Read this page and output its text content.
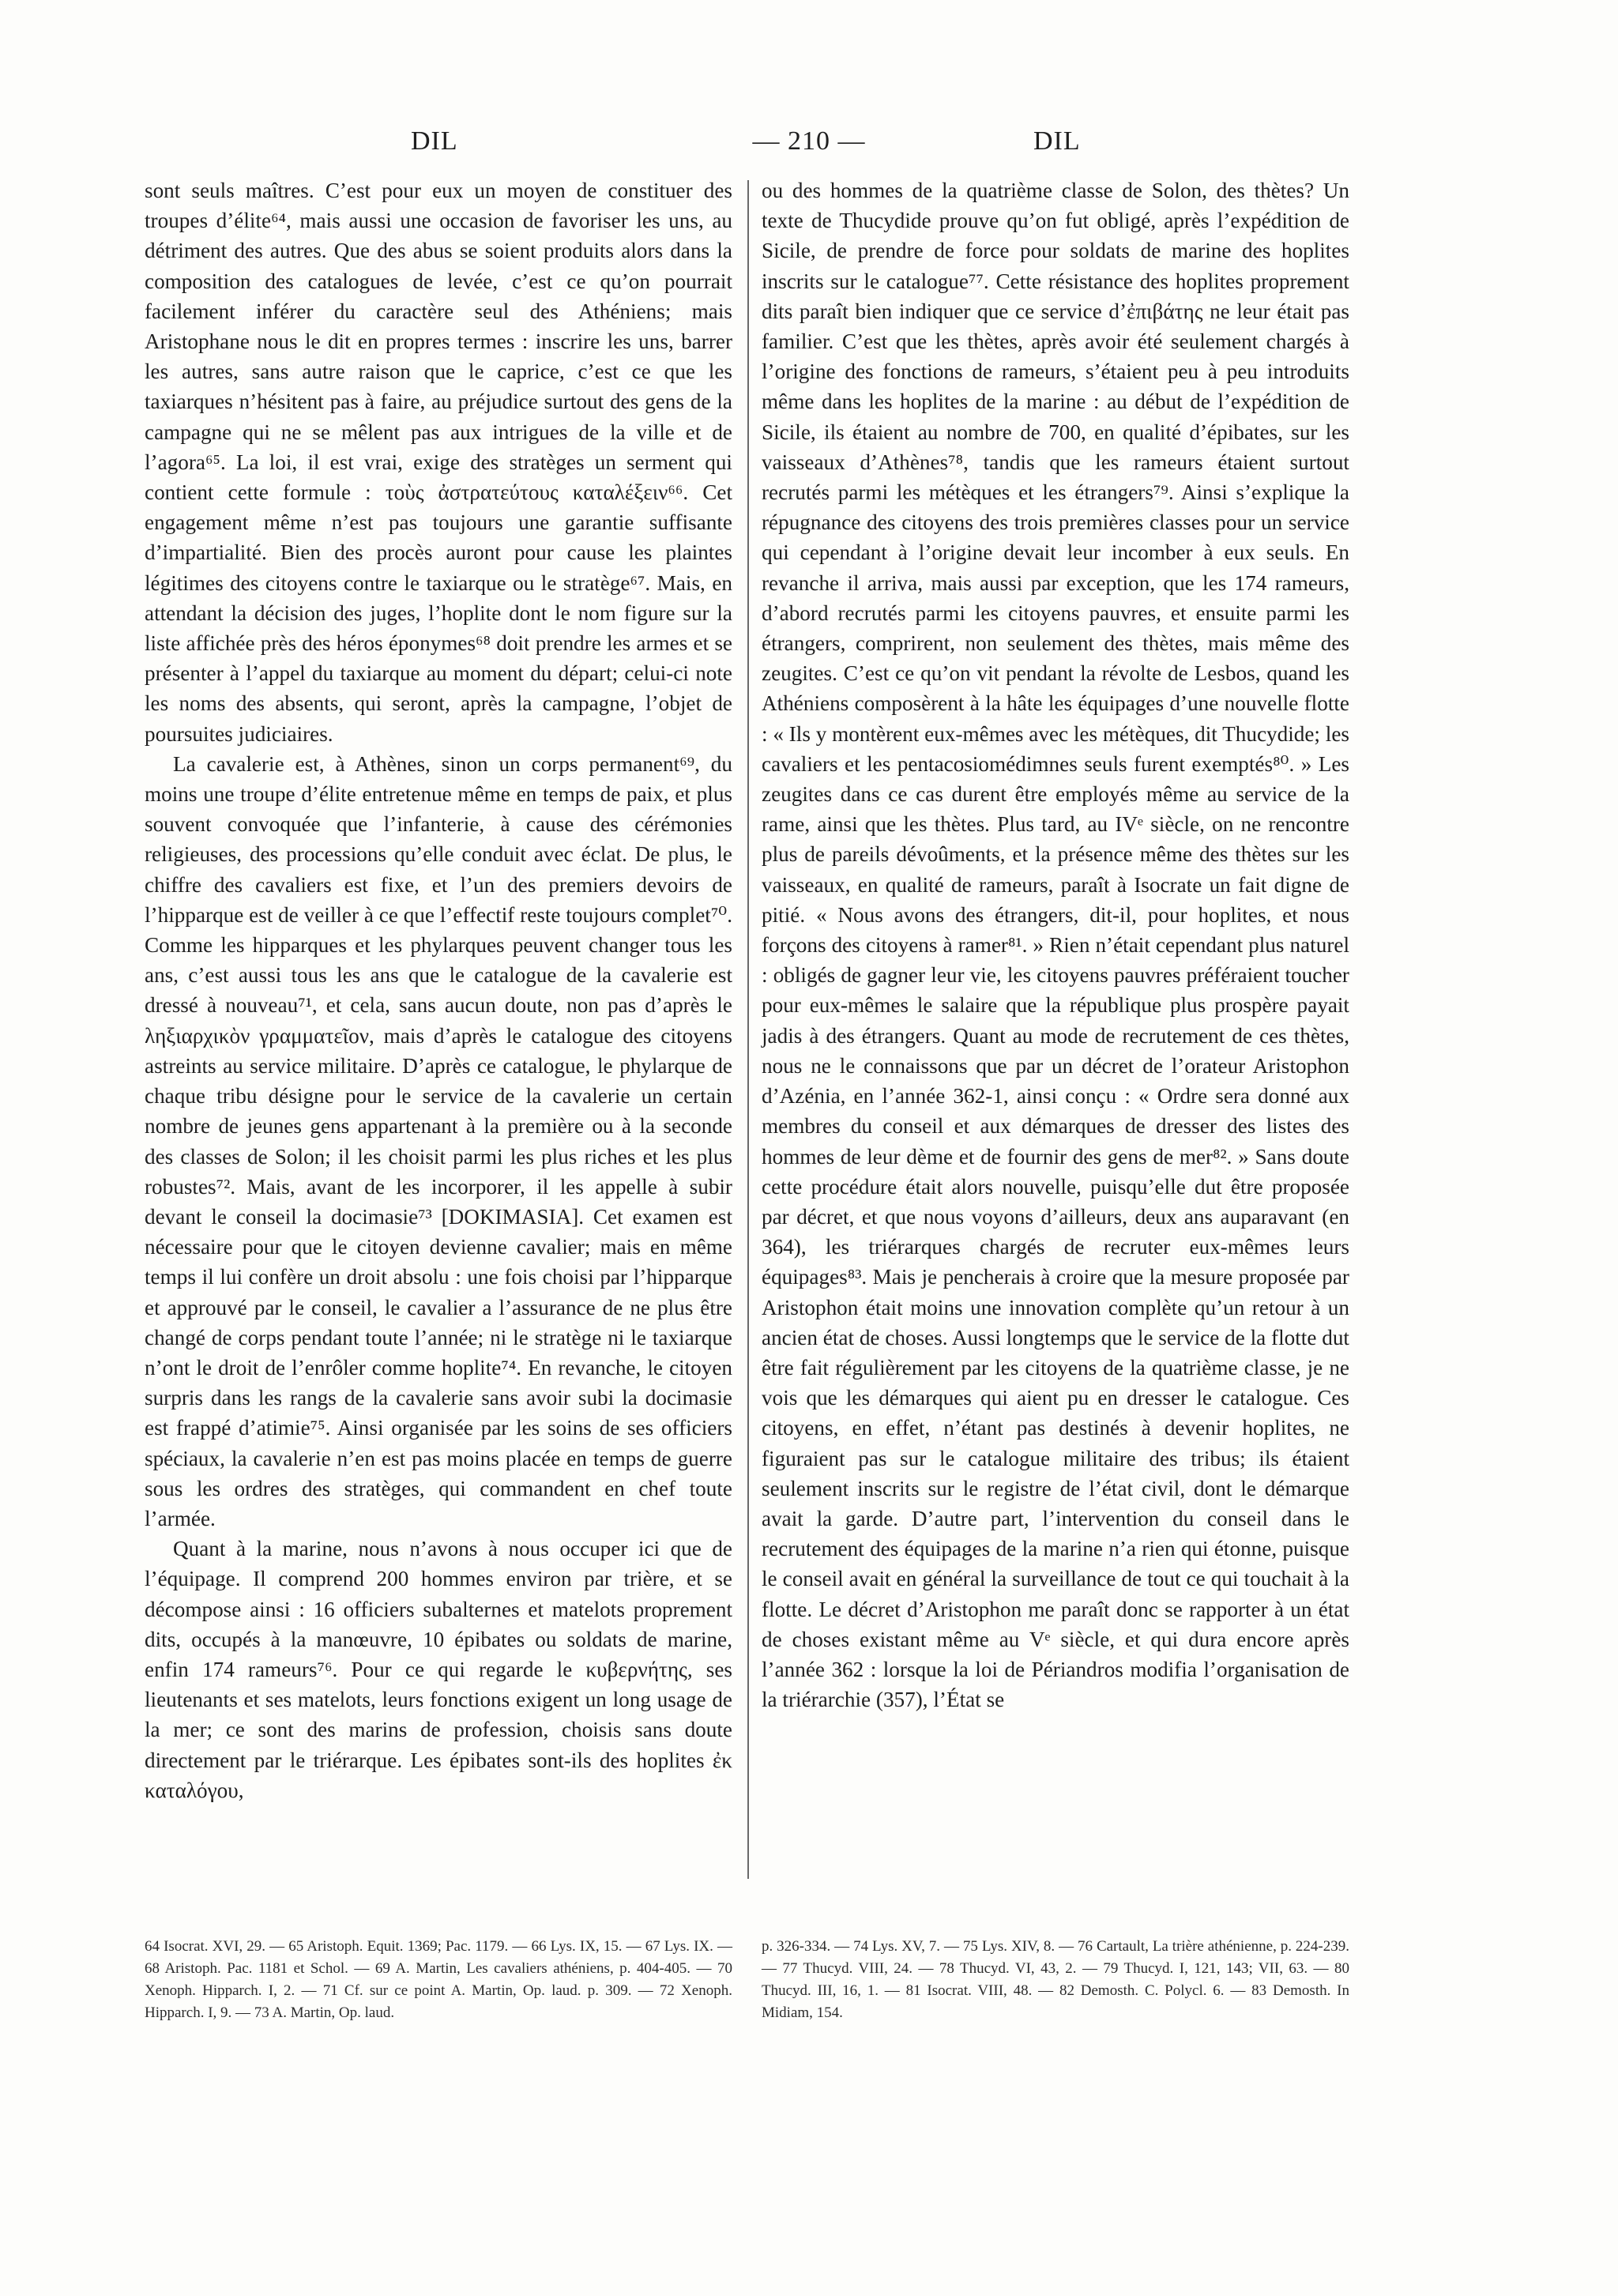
DIL	— 210 —	DIL

sont seuls maîtres. C’est pour eux un moyen de constituer des troupes d’élite⁶⁴, mais aussi une occasion de favoriser les uns, au détriment des autres. Que des abus se soient produits alors dans la composition des catalogues de levée, c’est ce qu’on pourrait facilement inférer du caractère seul des Athéniens; mais Aristophane nous le dit en propres termes : inscrire les uns, barrer les autres, sans autre raison que le caprice, c’est ce que les taxiarques n’hésitent pas à faire, au préjudice surtout des gens de la campagne qui ne se mêlent pas aux intrigues de la ville et de l’agora⁶⁵. La loi, il est vrai, exige des stratèges un serment qui contient cette formule : τοὺς ἀστρατεύτους καταλέξειν⁶⁶. Cet engagement même n’est pas toujours une garantie suffisante d’impartialité. Bien des procès auront pour cause les plaintes légitimes des citoyens contre le taxiarque ou le stratège⁶⁷. Mais, en attendant la décision des juges, l’hoplite dont le nom figure sur la liste affichée près des héros éponymes⁶⁸ doit prendre les armes et se présenter à l’appel du taxiarque au moment du départ; celui-ci note les noms des absents, qui seront, après la campagne, l’objet de poursuites judiciaires.

La cavalerie est, à Athènes, sinon un corps permanent⁶⁹, du moins une troupe d’élite entretenue même en temps de paix, et plus souvent convoquée que l’infanterie, à cause des cérémonies religieuses, des processions qu’elle conduit avec éclat. De plus, le chiffre des cavaliers est fixe, et l’un des premiers devoirs de l’hipparque est de veiller à ce que l’effectif reste toujours complet⁷⁰. Comme les hipparques et les phylarques peuvent changer tous les ans, c’est aussi tous les ans que le catalogue de la cavalerie est dressé à nouveau⁷¹, et cela, sans aucun doute, non pas d’après le ληξιαρχικὸν γραμματεῖον, mais d’après le catalogue des citoyens astreints au service militaire. D’après ce catalogue, le phylarque de chaque tribu désigne pour le service de la cavalerie un certain nombre de jeunes gens appartenant à la première ou à la seconde des classes de Solon; il les choisit parmi les plus riches et les plus robustes⁷². Mais, avant de les incorporer, il les appelle à subir devant le conseil la docimasie⁷³ [DOKIMASIA]. Cet examen est nécessaire pour que le citoyen devienne cavalier; mais en même temps il lui confère un droit absolu : une fois choisi par l’hipparque et approuvé par le conseil, le cavalier a l’assurance de ne plus être changé de corps pendant toute l’année; ni le stratège ni le taxiarque n’ont le droit de l’enrôler comme hoplite⁷⁴. En revanche, le citoyen surpris dans les rangs de la cavalerie sans avoir subi la docimasie est frappé d’atimie⁷⁵. Ainsi organisée par les soins de ses officiers spéciaux, la cavalerie n’en est pas moins placée en temps de guerre sous les ordres des stratèges, qui commandent en chef toute l’armée.

Quant à la marine, nous n’avons à nous occuper ici que de l’équipage. Il comprend 200 hommes environ par trière, et se décompose ainsi : 16 officiers subalternes et matelots proprement dits, occupés à la manœuvre, 10 épibates ou soldats de marine, enfin 174 rameurs⁷⁶. Pour ce qui regarde le κυβερνήτης, ses lieutenants et ses matelots, leurs fonctions exigent un long usage de la mer; ce sont des marins de profession, choisis sans doute directement par le triérarque. Les épibates sont-ils des hoplites ἐκ καταλόγου,

ou des hommes de la quatrième classe de Solon, des thètes? Un texte de Thucydide prouve qu’on fut obligé, après l’expédition de Sicile, de prendre de force pour soldats de marine des hoplites inscrits sur le catalogue⁷⁷. Cette résistance des hoplites proprement dits paraît bien indiquer que ce service d’ἐπιβάτης ne leur était pas familier. C’est que les thètes, après avoir été seulement chargés à l’origine des fonctions de rameurs, s’étaient peu à peu introduits même dans les hoplites de la marine : au début de l’expédition de Sicile, ils étaient au nombre de 700, en qualité d’épibates, sur les vaisseaux d’Athènes⁷⁸, tandis que les rameurs étaient surtout recrutés parmi les métèques et les étrangers⁷⁹. Ainsi s’explique la répugnance des citoyens des trois premières classes pour un service qui cependant à l’origine devait leur incomber à eux seuls. En revanche il arriva, mais aussi par exception, que les 174 rameurs, d’abord recrutés parmi les citoyens pauvres, et ensuite parmi les étrangers, comprirent, non seulement des thètes, mais même des zeugites. C’est ce qu’on vit pendant la révolte de Lesbos, quand les Athéniens composèrent à la hâte les équipages d’une nouvelle flotte : « Ils y montèrent eux-mêmes avec les métèques, dit Thucydide; les cavaliers et les pentacosiomédimnes seuls furent exemptés⁸⁰. » Les zeugites dans ce cas durent être employés même au service de la rame, ainsi que les thètes. Plus tard, au IVᵉ siècle, on ne rencontre plus de pareils dévoûments, et la présence même des thètes sur les vaisseaux, en qualité de rameurs, paraît à Isocrate un fait digne de pitié. « Nous avons des étrangers, dit-il, pour hoplites, et nous forçons des citoyens à ramer⁸¹. » Rien n’était cependant plus naturel : obligés de gagner leur vie, les citoyens pauvres préféraient toucher pour eux-mêmes le salaire que la république plus prospère payait jadis à des étrangers. Quant au mode de recrutement de ces thètes, nous ne le connaissons que par un décret de l’orateur Aristophon d’Azénia, en l’année 362-1, ainsi conçu : « Ordre sera donné aux membres du conseil et aux démarques de dresser des listes des hommes de leur dème et de fournir des gens de mer⁸². » Sans doute cette procédure était alors nouvelle, puisqu’elle dut être proposée par décret, et que nous voyons d’ailleurs, deux ans auparavant (en 364), les triérarques chargés de recruter eux-mêmes leurs équipages⁸³. Mais je pencherais à croire que la mesure proposée par Aristophon était moins une innovation complète qu’un retour à un ancien état de choses. Aussi longtemps que le service de la flotte dut être fait régulièrement par les citoyens de la quatrième classe, je ne vois que les démarques qui aient pu en dresser le catalogue. Ces citoyens, en effet, n’étant pas destinés à devenir hoplites, ne figuraient pas sur le catalogue militaire des tribus; ils étaient seulement inscrits sur le registre de l’état civil, dont le démarque avait la garde. D’autre part, l’intervention du conseil dans le recrutement des équipages de la marine n’a rien qui étonne, puisque le conseil avait en général la surveillance de tout ce qui touchait à la flotte. Le décret d’Aristophon me paraît donc se rapporter à un état de choses existant même au Vᵉ siècle, et qui dura encore après l’année 362 : lorsque la loi de Périandros modifia l’organisation de la triérarchie (357), l’État se

64 Isocrat. XVI, 29. — 65 Aristoph. Equit. 1369; Pac. 1179. — 66 Lys. IX, 15. — 67 Lys. IX. — 68 Aristoph. Pac. 1181 et Schol. — 69 A. Martin, Les cavaliers athéniens, p. 404-405. — 70 Xenoph. Hipparch. I, 2. — 71 Cf. sur ce point A. Martin, Op. laud. p. 309. — 72 Xenoph. Hipparch. I, 9. — 73 A. Martin, Op. laud.
p. 326-334. — 74 Lys. XV, 7. — 75 Lys. XIV, 8. — 76 Cartault, La trière athénienne, p. 224-239. — 77 Thucyd. VIII, 24. — 78 Thucyd. VI, 43, 2. — 79 Thucyd. I, 121, 143; VII, 63. — 80 Thucyd. III, 16, 1. — 81 Isocrat. VIII, 48. — 82 Demosth. C. Polycl. 6. — 83 Demosth. In Midiam, 154.
